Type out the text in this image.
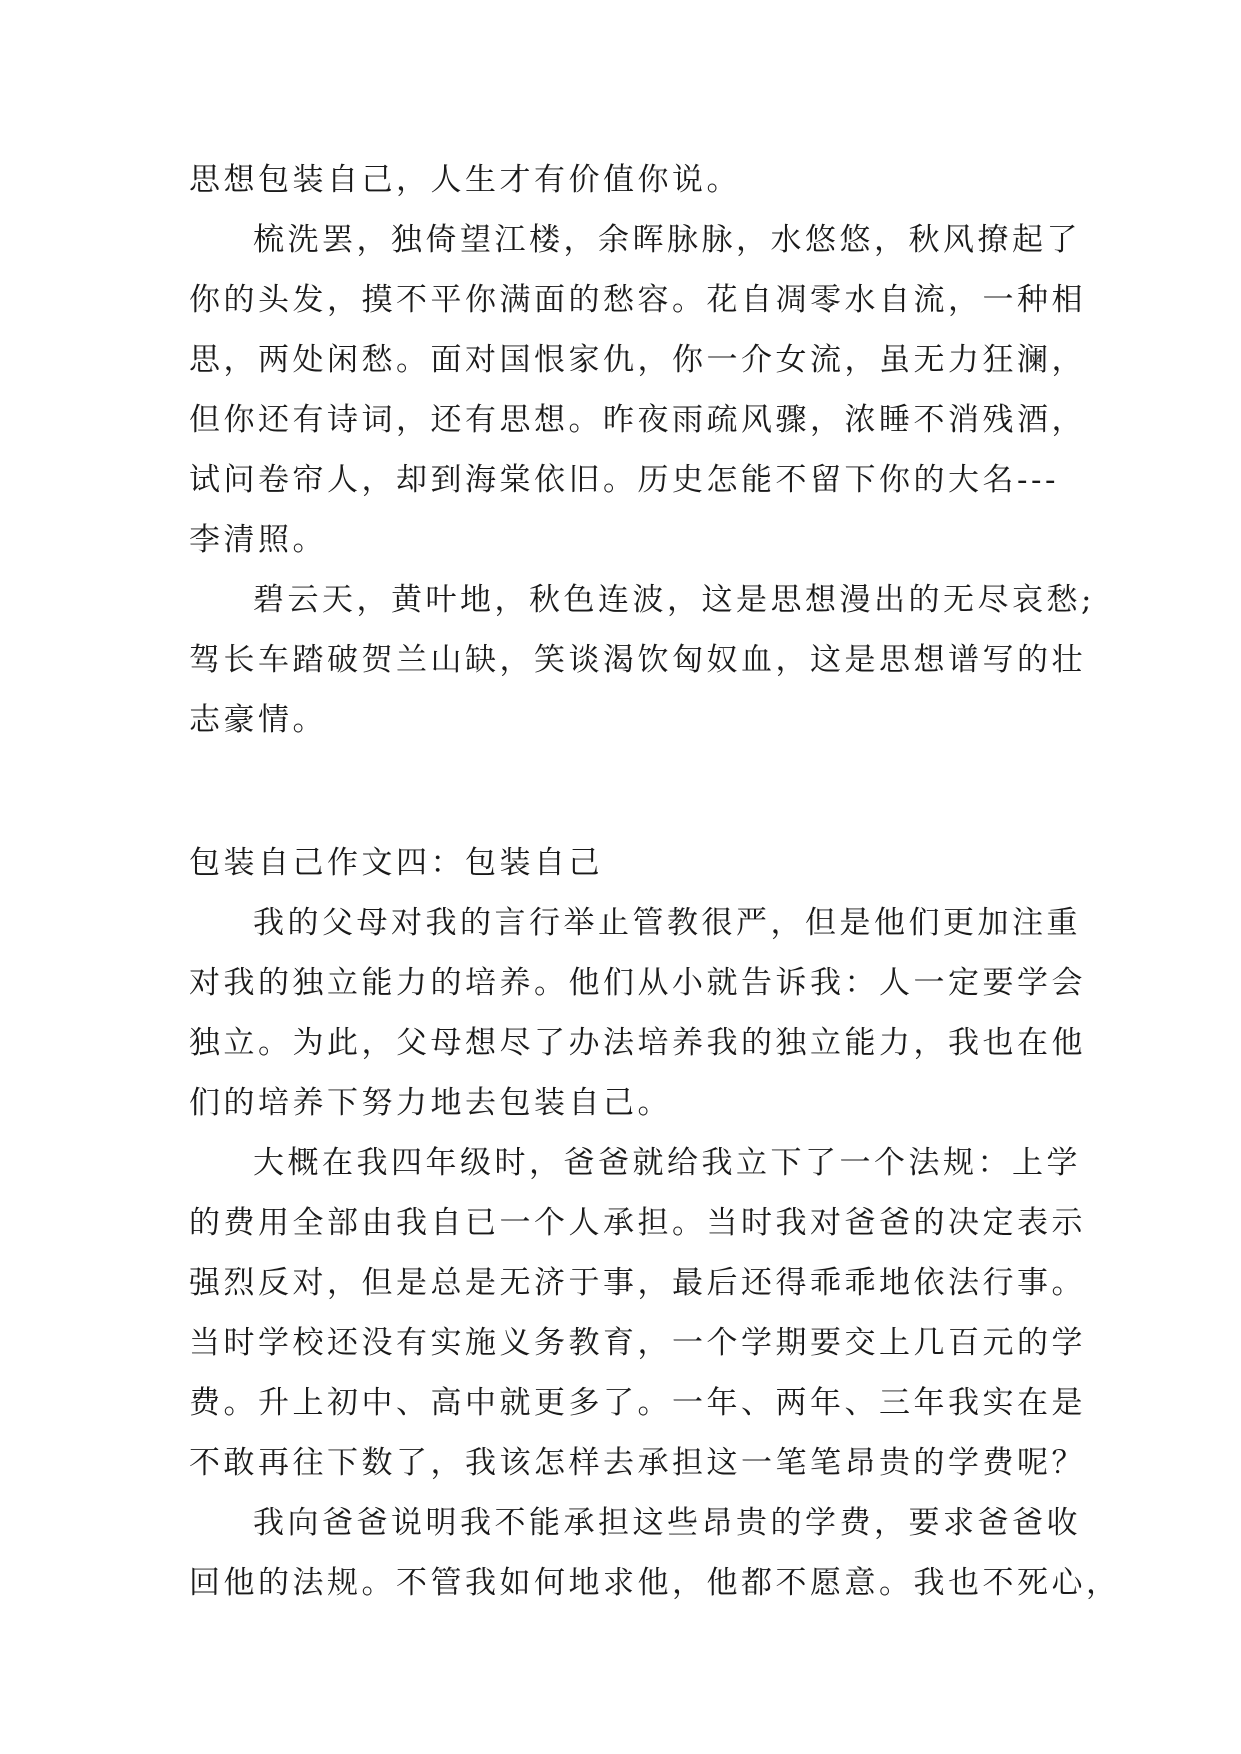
思想包装自己，人生才有价值你说。
梳洗罢，独倚望江楼，余晖脉脉，水悠悠，秋风撩起了
你的头发，摸不平你满面的愁容。花自凋零水自流，一种相
思，两处闲愁。面对国恨家仇，你一介女流，虽无力狂澜，
但你还有诗词，还有思想。昨夜雨疏风骤，浓睡不消残酒，
试问卷帘人，却到海棠依旧。历史怎能不留下你的大名---
李清照。
碧云天，黄叶地，秋色连波，这是思想漫出的无尽哀愁;
驾长车踏破贺兰山缺，笑谈渴饮匈奴血，这是思想谱写的壮
志豪情。
包装自己作文四：包装自己
我的父母对我的言行举止管教很严，但是他们更加注重
对我的独立能力的培养。他们从小就告诉我：人一定要学会
独立。为此，父母想尽了办法培养我的独立能力，我也在他
们的培养下努力地去包装自己。
大概在我四年级时，爸爸就给我立下了一个法规：上学
的费用全部由我自已一个人承担。当时我对爸爸的决定表示
强烈反对，但是总是无济于事，最后还得乖乖地依法行事。
当时学校还没有实施义务教育，一个学期要交上几百元的学
费。升上初中、高中就更多了。一年、两年、三年我实在是
不敢再往下数了，我该怎样去承担这一笔笔昂贵的学费呢？
我向爸爸说明我不能承担这些昂贵的学费，要求爸爸收
回他的法规。不管我如何地求他，他都不愿意。我也不死心，
